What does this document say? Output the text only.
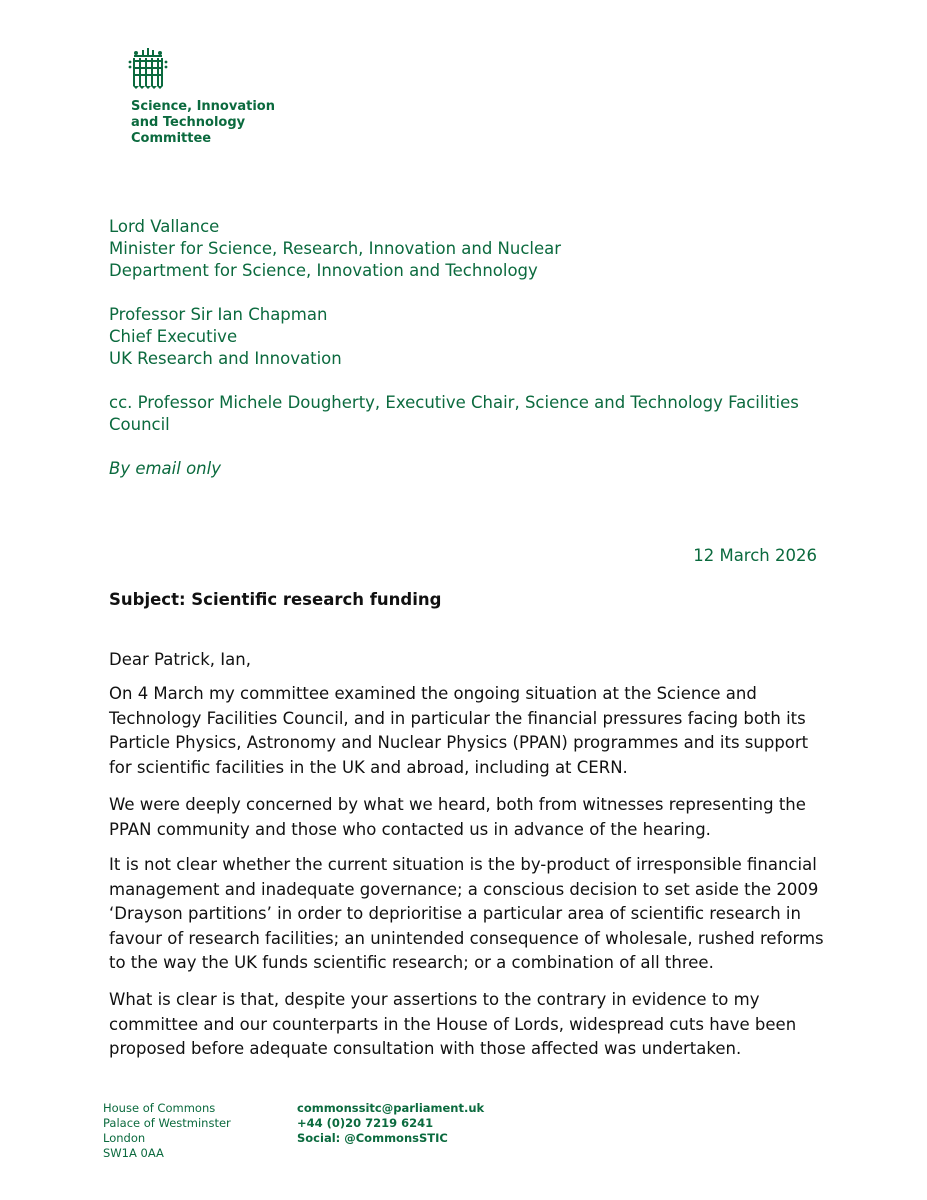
Science, Innovation
and Technology
Committee
Lord Vallance
Minister for Science, Research, Innovation and Nuclear
Department for Science, Innovation and Technology
Professor Sir Ian Chapman
Chief Executive
UK Research and Innovation
cc. Professor Michele Dougherty, Executive Chair, Science and Technology Facilities
Council
By email only
12 March 2026
Subject: Scientific research funding
Dear Patrick, Ian,

On 4 March my committee examined the ongoing situation at the Science and Technology Facilities Council, and in particular the financial pressures facing both its Particle Physics, Astronomy and Nuclear Physics (PPAN) programmes and its support for scientific facilities in the UK and abroad, including at CERN.

We were deeply concerned by what we heard, both from witnesses representing the PPAN community and those who contacted us in advance of the hearing.

It is not clear whether the current situation is the by-product of irresponsible financial management and inadequate governance; a conscious decision to set aside the 2009 ‘Drayson partitions’ in order to deprioritise a particular area of scientific research in favour of research facilities; an unintended consequence of wholesale, rushed reforms to the way the UK funds scientific research; or a combination of all three.

What is clear is that, despite your assertions to the contrary in evidence to my committee and our counterparts in the House of Lords, widespread cuts have been proposed before adequate consultation with those affected was undertaken.

House of Commons
Palace of Westminster
London
SW1A 0AA
commonssitc@parliament.uk
+44 (0)20 7219 6241
Social: @CommonsSTIC
